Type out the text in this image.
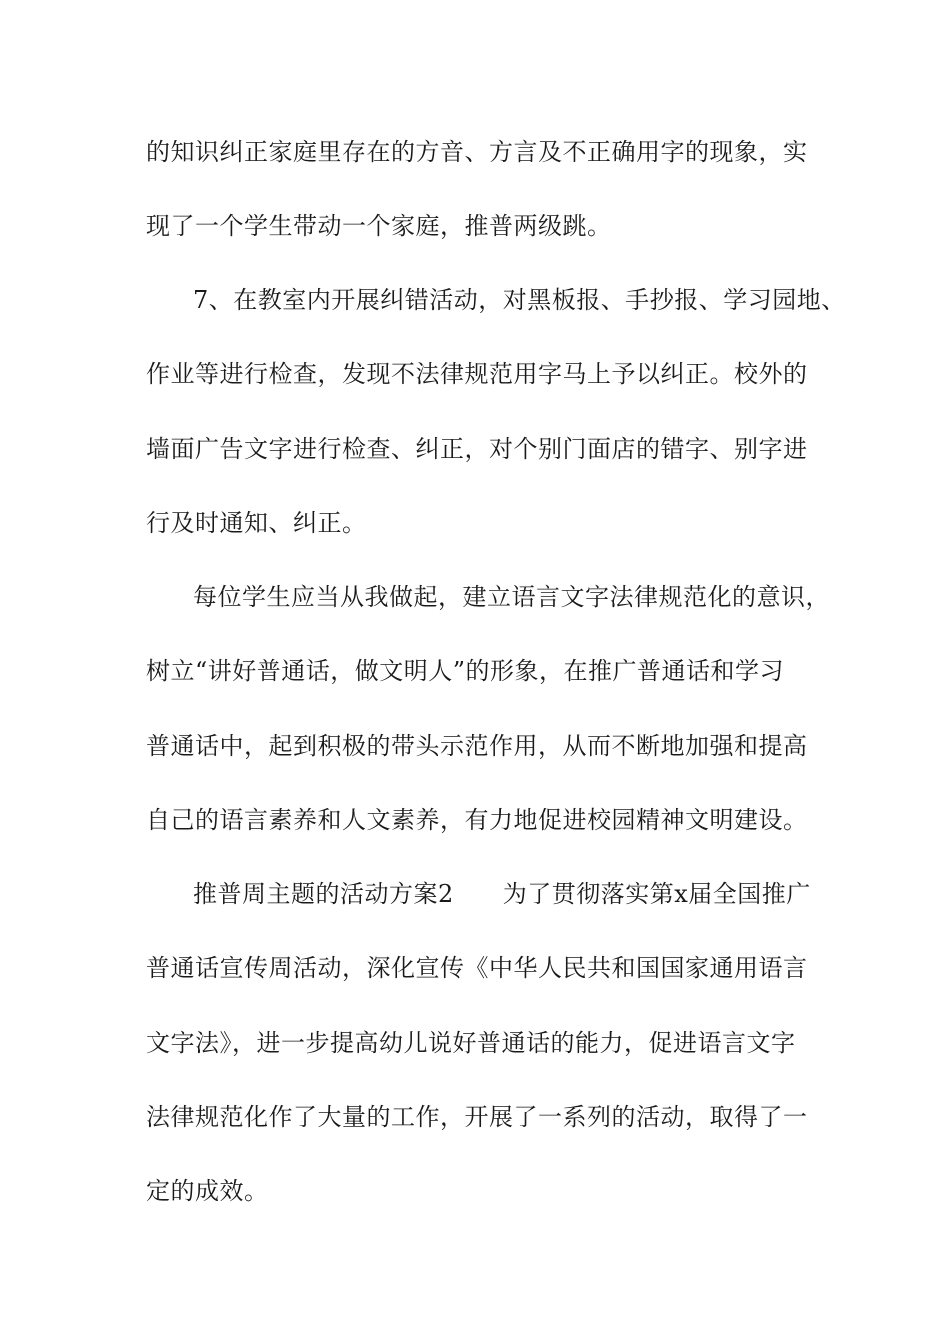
的知识纠正家庭里存在的方音、方言及不正确用字的现象，实
现了一个学生带动一个家庭，推普两级跳。
7、在教室内开展纠错活动，对黑板报、手抄报、学习园地、
作业等进行检查，发现不法律规范用字马上予以纠正。校外的
墙面广告文字进行检查、纠正，对个别门面店的错字、别字进
行及时通知、纠正。
每位学生应当从我做起，建立语言文字法律规范化的意识，
树立“讲好普通话，做文明人”的形象，在推广普通话和学习
普通话中，起到积极的带头示范作用，从而不断地加强和提高
自己的语言素养和人文素养，有力地促进校园精神文明建设。
推普周主题的活动方案2　　为了贯彻落实第x届全国推广
普通话宣传周活动，深化宣传《中华人民共和国国家通用语言
文字法》，进一步提高幼儿说好普通话的能力，促进语言文字
法律规范化作了大量的工作，开展了一系列的活动，取得了一
定的成效。
